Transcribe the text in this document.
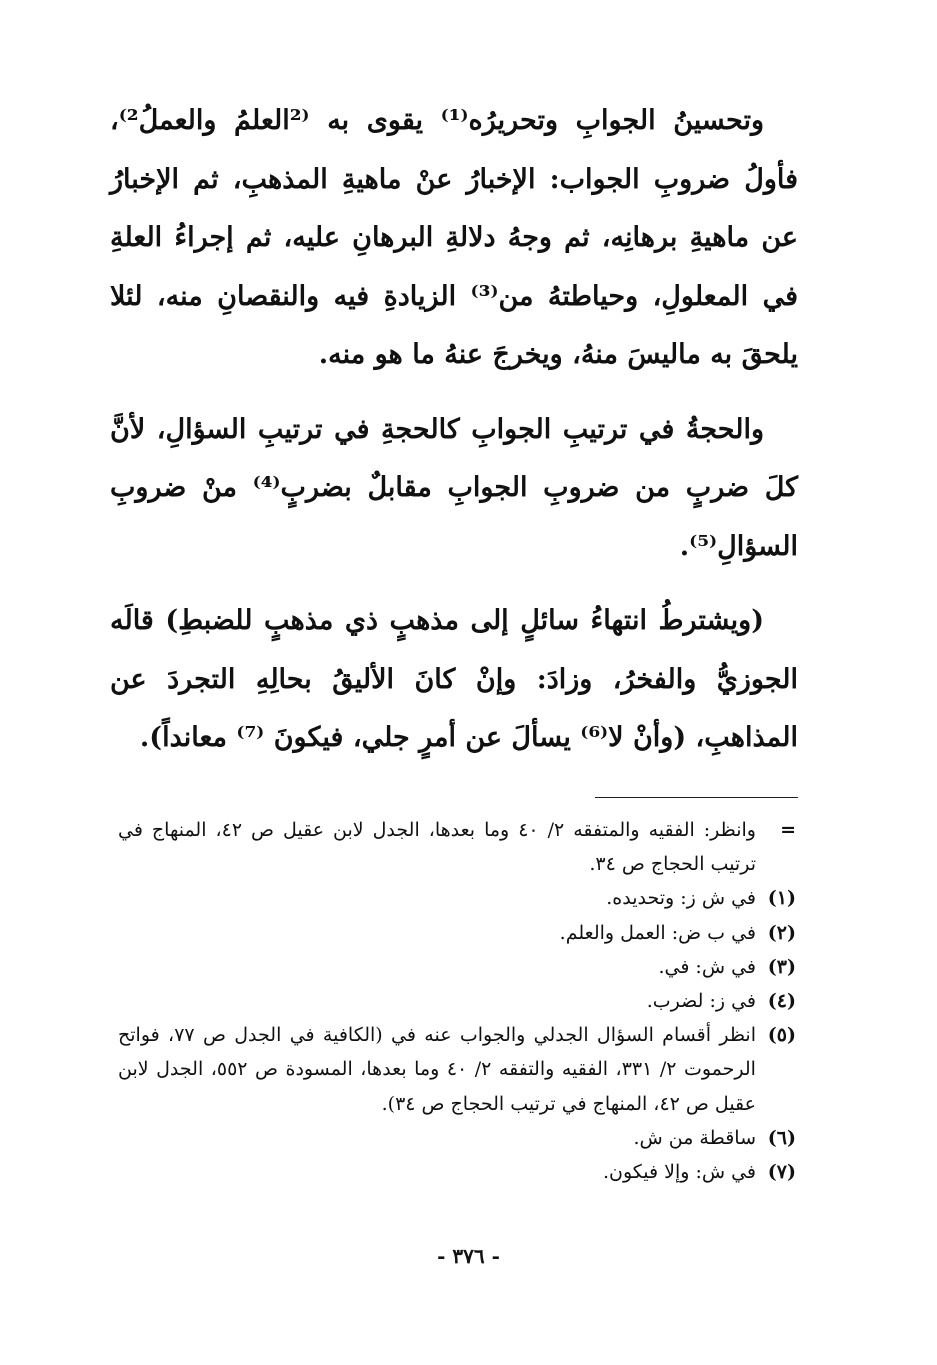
وتحسينُ الجوابِ وتحريرُه⁽¹⁾ يقوى به ⁽²العلمُ والعملُ²⁾، فأولُ ضروبِ الجواب: الإخبارُ عنْ ماهيةِ المذهبِ، ثم الإخبارُ عن ماهيةِ برهانِه، ثم وجهُ دلالةِ البرهانِ عليه، ثم إجراءُ العلةِ في المعلولِ، وحياطتهُ من⁽³⁾ الزيادةِ فيه والنقصانِ منه، لئلا يلحقَ به ماليسَ منهُ، ويخرجَ عنهُ ما هو منه.

والحجةُ في ترتيبِ الجوابِ كالحجةِ في ترتيبِ السؤالِ، لأنَّ كلَ ضربٍ من ضروبِ الجوابِ مقابلٌ بضربٍ⁽⁴⁾ منْ ضروبِ السؤالِ⁽⁵⁾.

(ويشترطُ انتهاءُ سائلٍ إلى مذهبٍ ذي مذهبٍ للضبطِ) قالَه الجوزيُّ والفخرُ، وزادَ: وإنْ كانَ الأليقُ بحالِهِ التجردَ عن المذاهبِ، (وأنْ لا⁽⁶⁾ يسألَ عن أمرٍ جلي، فيكونَ ⁽⁷⁾ معانداً).

=
وانظر: الفقيه والمتفقه ٢/ ٤٠ وما بعدها، الجدل لابن عقيل ص ٤٢، المنهاج في ترتيب الحجاج ص ٣٤.
(١)
في ش ز: وتحديده.
(٢)
في ب ض: العمل والعلم.
(٣)
في ش: في.
(٤)
في ز: لضرب.
(٥)
انظر أقسام السؤال الجدلي والجواب عنه في (الكافية في الجدل ص ٧٧، فواتح الرحموت ٢/ ٣٣١، الفقيه والتفقه ٢/ ٤٠ وما بعدها، المسودة ص ٥٥٢، الجدل لابن عقيل ص ٤٢، المنهاج في ترتيب الحجاج ص ٣٤).
(٦)
ساقطة من ش.
(٧)
في ش: وإلا فيكون.
- ٣٧٦ -
